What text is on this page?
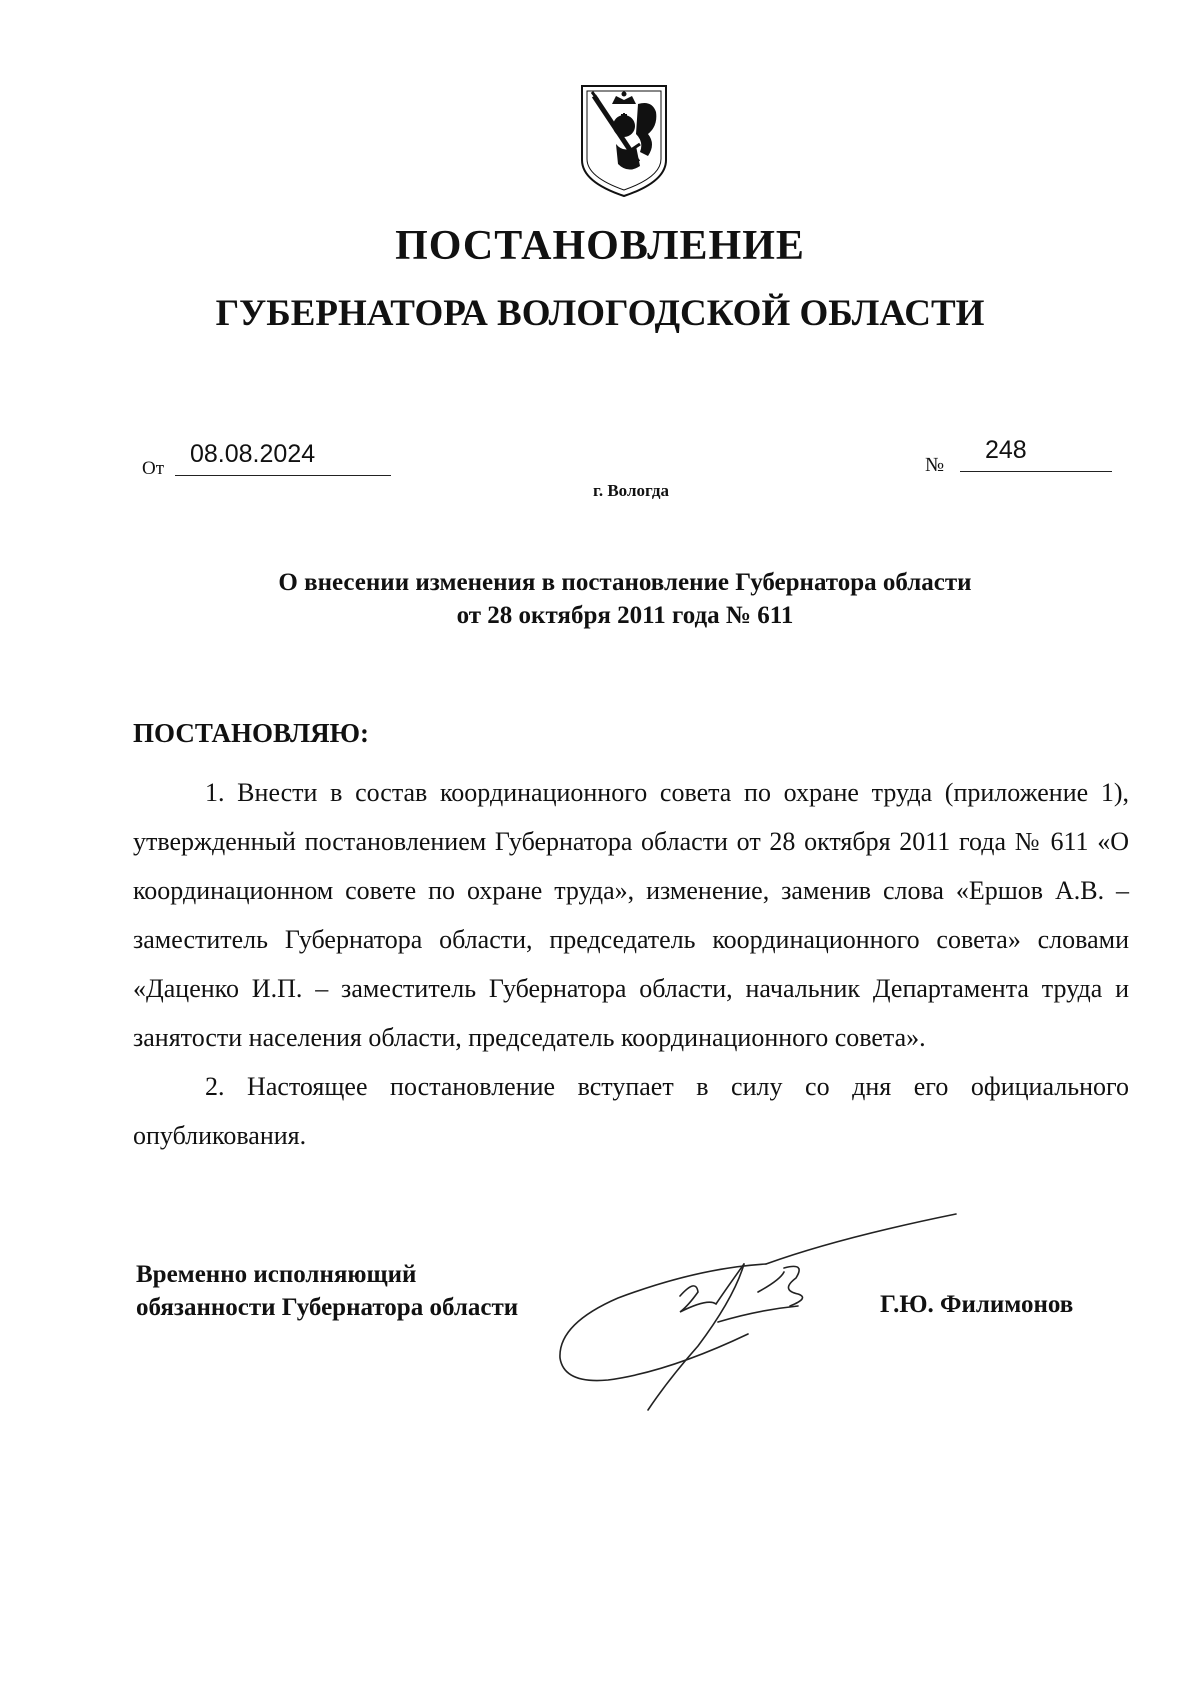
ПОСТАНОВЛЕНИЕ
ГУБЕРНАТОРА ВОЛОГОДСКОЙ ОБЛАСТИ
От
08.08.2024	№
248
г. Вологда
О внесении изменения в постановление Губернатора области
от 28 октября 2011 года № 611
ПОСТАНОВЛЯЮ:

1. Внести в состав координационного совета по охране труда (приложение 1), утвержденный постановлением Губернатора области от 28 октября 2011 года № 611 «О координационном совете по охране труда», изменение, заменив слова «Ершов А.В. – заместитель Губернатора области, председатель координационного совета» словами «Даценко И.П. – заместитель Губернатора области, начальник Департамента труда и занятости населения области, председатель координационного совета».

2. Настоящее постановление вступает в силу со дня его официального опубликования.

Временно исполняющий
обязанности Губернатора области	Г.Ю. Филимонов
